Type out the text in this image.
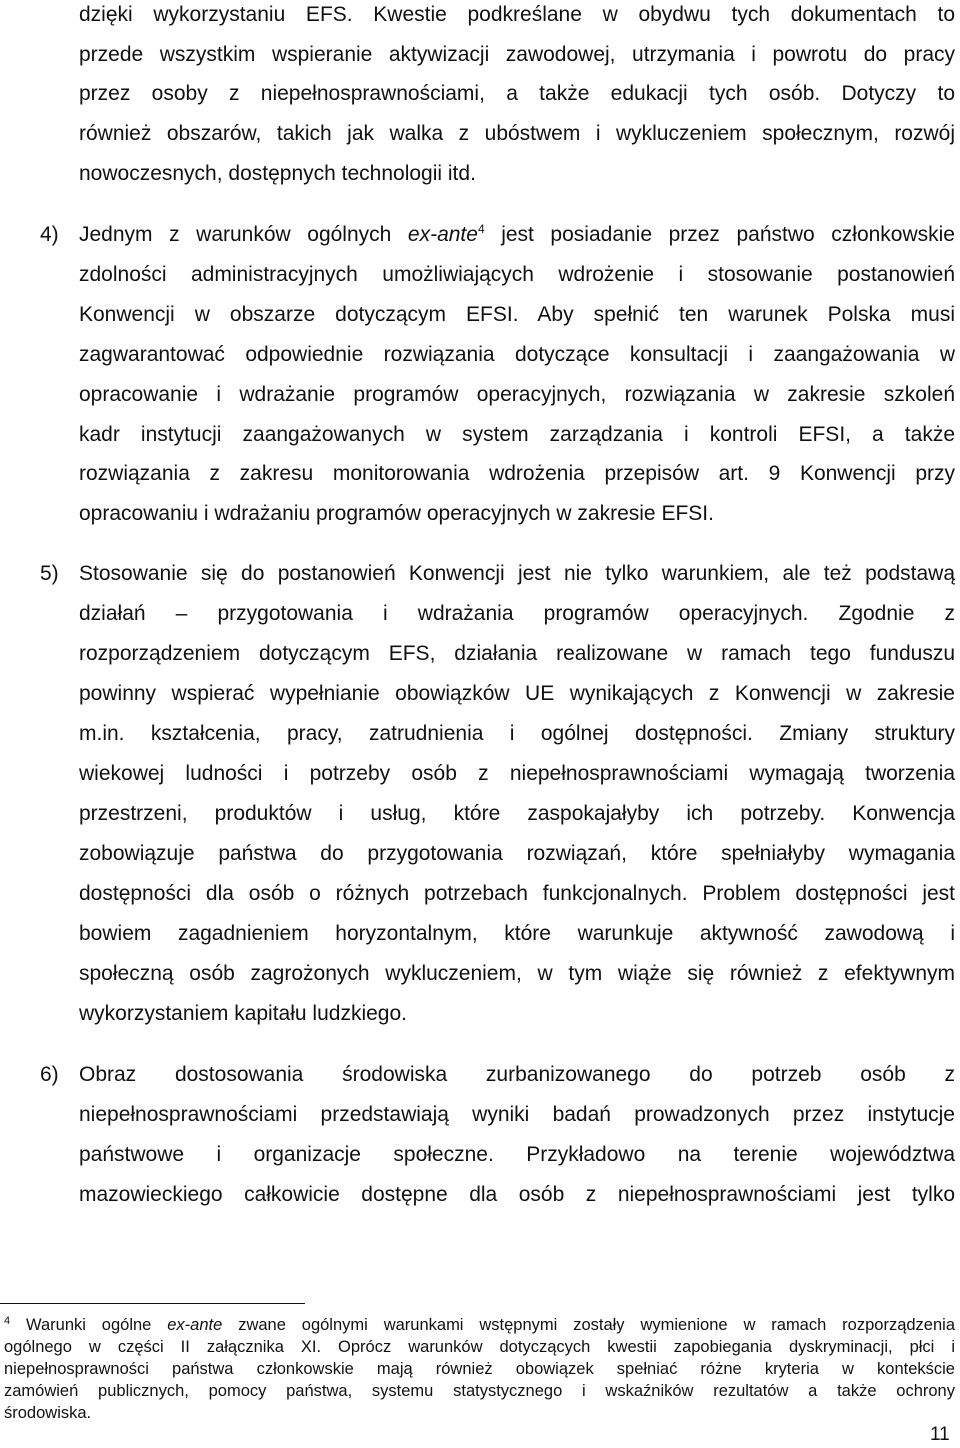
dzięki wykorzystaniu EFS. Kwestie podkreślane w obydwu tych dokumentach to

przede wszystkim wspieranie aktywizacji zawodowej, utrzymania i powrotu do pracy

przez osoby z niepełnosprawnościami, a także edukacji tych osób. Dotyczy to

również obszarów, takich jak walka z ubóstwem i wykluczeniem społecznym, rozwój

nowoczesnych, dostępnych technologii itd.

4) Jednym z warunków ogólnych ex-ante$^4$ jest posiadanie przez państwo członkowskie

zdolności administracyjnych umożliwiających wdrożenie i stosowanie postanowień

Konwencji w obszarze dotyczącym EFSI. Aby spełnić ten warunek Polska musi

zagwarantować odpowiednie rozwiązania dotyczące konsultacji i zaangażowania w

opracowanie i wdrażanie programów operacyjnych, rozwiązania w zakresie szkoleń

kadr instytucji zaangażowanych w system zarządzania i kontroli EFSI, a także

rozwiązania z zakresu monitorowania wdrożenia przepisów art. 9 Konwencji przy

opracowaniu i wdrażaniu programów operacyjnych w zakresie EFSI.

5) Stosowanie się do postanowień Konwencji jest nie tylko warunkiem, ale też podstawą

działań – przygotowania i wdrażania programów operacyjnych. Zgodnie z

rozporządzeniem dotyczącym EFS, działania realizowane w ramach tego funduszu

powinny wspierać wypełnianie obowiązków UE wynikających z Konwencji w zakresie

m.in. kształcenia, pracy, zatrudnienia i ogólnej dostępności. Zmiany struktury

wiekowej ludności i potrzeby osób z niepełnosprawnościami wymagają tworzenia

przestrzeni, produktów i usług, które zaspokajałyby ich potrzeby. Konwencja

zobowiązuje państwa do przygotowania rozwiązań, które spełniałyby wymagania

dostępności dla osób o różnych potrzebach funkcjonalnych. Problem dostępności jest

bowiem zagadnieniem horyzontalnym, które warunkuje aktywność zawodową i

społeczną osób zagrożonych wykluczeniem, w tym wiąże się również z efektywnym

wykorzystaniem kapitału ludzkiego.

6) Obraz dostosowania środowiska zurbanizowanego do potrzeb osób z

niepełnosprawnościami przedstawiają wyniki badań prowadzonych przez instytucje

państwowe i organizacje społeczne. Przykładowo na terenie województwa

mazowieckiego całkowicie dostępne dla osób z niepełnosprawnościami jest tylko

$^4$ Warunki ogólne ex-ante zwane ogólnymi warunkami wstępnymi zostały wymienione w ramach rozporządzenia

ogólnego w części II załącznika XI. Oprócz warunków dotyczących kwestii zapobiegania dyskryminacji, płci i

niepełnosprawności państwa członkowskie mają również obowiązek spełniać różne kryteria w kontekście

zamówień publicznych, pomocy państwa, systemu statystycznego i wskaźników rezultatów a także ochrony

środowiska.

11
